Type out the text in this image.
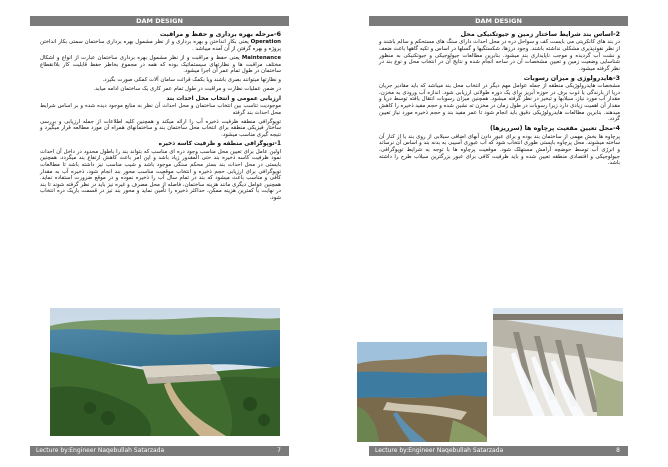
DAM DESIGN
6-مرحله بهره برداری و حفظ و مراقبت

Operation یعنی بکار انداختن و بهره برداری و از نظر مشمول بهره برداری ساختمان سمتی بکار انداختن پروژه و بهره گرفتن از آن آمده میباشد .

Maintenance یعنی حفظ و مراقبت و از نظر مشمول بهره برداری ساختمان عبارت از انواع و اشکال مختلف مراقبت ها و نظارتهای سیستماتیک بوده که همه در مجموع بخاطر حفظ قابلیت کار بلاانقطاع ساختمان در طول تمام عمر آن اجرا میشود.

و نظارتها میتوانند بصری باشند ویا بکمک قرائت سامان آلات کمکی صورت بگیرد.

در ضمن عملیات نظارت و مراقبت در طول تمام عمر کاری یک ساختمان ادامه میابد.

ارزیابی عمومی و انتخاب محل احداث بند

موجودیت تناسب بین انتخاب ساختمان و محل احداث آن نظر به منابع موجود دیده شده و بر اساس شرایط محل احداث بند گرفته

توپوگرافی منطقه ظرفیت ذخیره آب را ارائه میکند و همچنین کلیه اطلاعات از جمله ارزیابی و بررسی ساختار فیزیکی منطقه برای انتخاب محل ساختمان بند و ساختمانهای همراه آن مورد مطالعه قرار میگیرد و نتیجه گیری مناسب میشود.

1-توپوگرافی منطقه و ظرفیت کاسه ذخیره

اولین عامل برای تعیین محل مناسب وجود دره ای مناسب که بتواند بند را باطول محدود در داخل آن احداث نمود ظرفیت کاسه ذخیره بند حتی المقدور زیاد باشد و این امر باعث کاهش ارتفاع بند میگردد. همچنین بایستی در محل احداث بند بستر محکم سنگی موجود باشد و شیب مناسب نیز داشته باشد تا مطالعات توپوگرافی برای ارزیابی حجم ذخیره و انتخاب موقعیت مناسب محور بند انجام شود، ذخیره آب به مقدار کافی و مناسب باعث میشود که بند در تمام سال آب را ذخیره نموده و در موقع ضرورت استفاده نماید. همچنین عوامل دیگری مانند هزینه ساختمان، فاصله از محل مصرف و غیره نیز باید در نظر گرفته شوند تا بند در نهایت با کمترین هزینه ممکن، حداکثر ذخیره را تأمین نماید و محور بند نیز در قسمت باریک دره انتخاب شود.

Lecture by:Engineer Naqebullah Satarzada	7
DAM DESIGN
2-اساس بند شرایط ساختار زمین و جیوتکنیکی محل

در بند های کانکریتی می بایست کف و سواحل دره در محل احداث دارای سنگ های مستحکم و سالم باشند و از نظر نفوذپذیری مشکلی نداشته باشند. وجود درزها، شکستگیها و گسلها در اساس و تکیه گاهها باعث ضعف و نشت آب گردیده و موجب ناپایداری بند میشود. بنابرین مطالعات جیولوجیکی و جیوتکنیکی به منظور شناسایی وضعیت زمین و تعیین مشخصات آن در ساحه انجام شده و نتایج آن در انتخاب محل و نوع بند در نظر گرفته میشود.

3-هایدرولوژی و میزان رسوبات

مشخصات هایدرولوژیکی منطقه از جمله عوامل مهم دیگر در انتخاب محل بند میباشد که باید مقادیر جریان دریا از بارندگی یا ذوب برف در حوزه آبریز برای یک دوره طولانی ارزیابی شود. اندازه آب ورودی به مخزن، مقدار آب مورد نیاز، سیلابها و تبخیر در نظر گرفته میشود. همچنین میزان رسوبات انتقال یافته توسط دریا و مقدار آن اهمیت زیادی دارد زیرا رسوبات در طول زمان در مخزن ته نشین شده و حجم مفید ذخیره را کاهش میدهند. بنابرین مطالعات هایدرولوژیکی دقیق باید انجام شود تا عمر مفید بند و حجم ذخیره مورد نیاز تعیین گردد.

4-محل تعیین مقعیت پرچاوه ها (سرریزها)

پرچاوه ها بخش مهمی از ساختمان بند بوده و برای عبور دادن آبهای اضافی سیلابی از روی بند یا از کنار آن ساخته میشوند. محل پرچاوه بایستی طوری انتخاب شود که آب عبوری آسیبی به بدنه بند و اساس آن نرساند و انرژی آب توسط حوضچه آرامش مستهلک شود. موقعیت پرچاوه ها با توجه به شرایط توپوگرافی، جیولوجیکی و اقتصادی منطقه تعیین شده و باید ظرفیت کافی برای عبور بزرگترین سیلاب طرح را داشته باشد.

Lecture by:Engineer Naqebullah Satarzada	8
